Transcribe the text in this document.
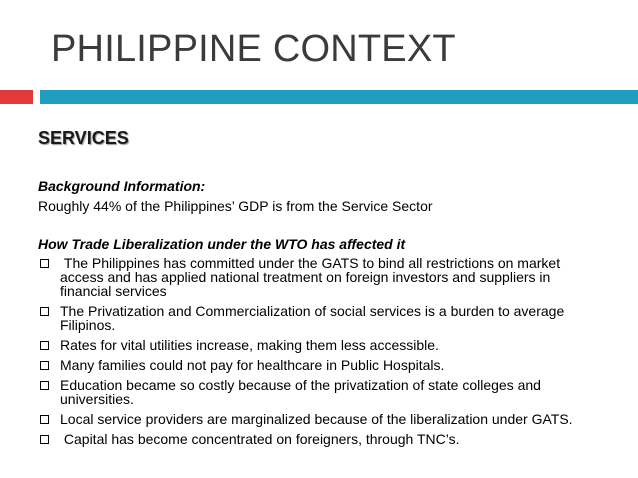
PHILIPPINE CONTEXT
SERVICES
Background Information:
Roughly 44% of the Philippines’ GDP is from the Service Sector
How Trade Liberalization under the WTO has affected it
The Philippines has committed under the GATS to bind all restrictions on market access and has applied national treatment on foreign investors and suppliers in financial services
The Privatization and Commercialization of social services is a burden to average Filipinos.
Rates for vital utilities increase, making them less accessible.
Many families could not pay for healthcare in Public Hospitals.
Education became so costly because of the privatization of state colleges and universities.
Local service providers are marginalized because of the liberalization under GATS.
Capital has become concentrated on foreigners, through TNC’s.
